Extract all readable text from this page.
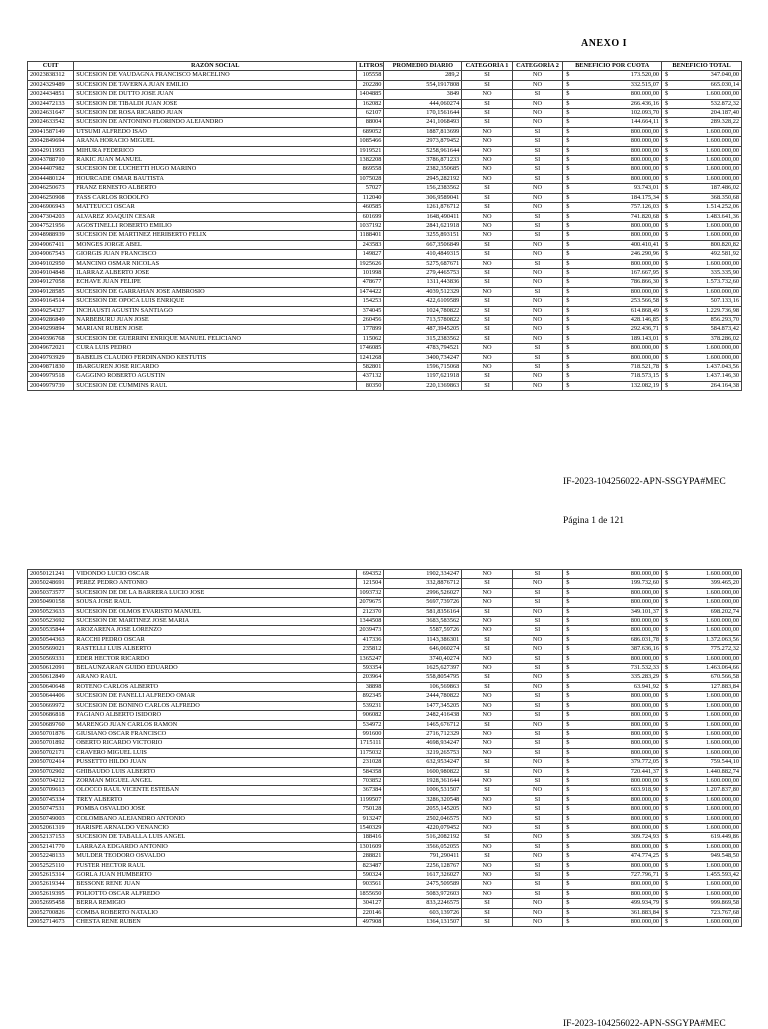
ANEXO I
CUIT	RAZÓN SOCIAL	LITROS	PROMEDIO DIARIO	CATEGORÍA 1	CATEGORÍA 2	BENEFICIO POR CUOTA	BENEFICIO TOTAL
20023838312	SUCESION DE VAUDAGNA FRANCISCO MARCELINO	105558	289,2	SI	NO	$ 173.520,00	$ 347.040,00
20024329489	SUCESION DE TAVERNA JUAN EMILIO	202280	554,1917808	SI	NO	$ 332.515,07	$ 665.030,14
20024434851	SUCESION DE DUTTO JOSE JUAN	1404885	3849	NO	SI	$ 800.000,00	$ 1.600.000,00
20024472133	SUCESION DE TIBALDI JUAN JOSE	162082	444,060274	SI	NO	$ 266.436,16	$ 532.872,32
20024631647	SUCESION DE ROSA RICARDO JUAN	62107	170,1561644	SI	NO	$ 102.093,70	$ 204.187,40
20024633542	SUCESION DE ANTONINO FLORINDO ALEJANDRO	88004	241,1068493	SI	NO	$ 144.664,11	$ 289.328,22
20041587149	UTSUMI ALFREDO ISAO	689052	1887,813699	NO	SI	$ 800.000,00	$ 1.600.000,00
20042849694	ARANA HORACIO MIGUEL	1085466	2973,879452	NO	SI	$ 800.000,00	$ 1.600.000,00
20042911993	MIHURA FEDERICO	1919521	5258,961644	NO	SI	$ 800.000,00	$ 1.600.000,00
20043788710	RAKIC JUAN MANUEL	1382208	3786,871233	NO	SI	$ 800.000,00	$ 1.600.000,00
20044407982	SUCESION DE LUCHETTI HUGO MARINO	869558	2382,350685	NO	SI	$ 800.000,00	$ 1.600.000,00
20044480124	HOURCADE OMAR BAUTISTA	1075028	2945,282192	NO	SI	$ 800.000,00	$ 1.600.000,00
20046250673	FRANZ ERNESTO ALBERTO	57027	156,2383562	SI	NO	$ 93.743,01	$ 187.486,02
20046250908	FASS CARLOS RODOLFO	112040	306,9589041	SI	NO	$ 184.175,34	$ 368.350,68
20046906943	MATTEUCCI OSCAR	460585	1261,876712	SI	NO	$ 757.126,03	$ 1.514.252,06
20047304203	ALVAREZ JOAQUIN CESAR	601699	1648,490411	NO	SI	$ 741.820,68	$ 1.483.641,36
20047521956	AGOSTINELLI ROBERTO EMILIO	1037192	2841,621918	NO	SI	$ 800.000,00	$ 1.600.000,00
20048988939	SUCESION DE MARTINEZ HERIBERTO FELIX	1188401	3255,893151	NO	SI	$ 800.000,00	$ 1.600.000,00
20049067411	MONGES JORGE ABEL	243583	667,3506849	SI	NO	$ 400.410,41	$ 800.820,82
20049067543	GIORGIS JUAN FRANCISCO	149827	410,4849315	SI	NO	$ 246.290,96	$ 492.581,92
20049102950	MANCINO OSMAR NICOLAS	1925626	5275,687671	NO	SI	$ 800.000,00	$ 1.600.000,00
20049104848	ILARRAZ ALBERTO JOSE	101998	279,4465753	SI	NO	$ 167.667,95	$ 335.335,90
20049127058	ECHAVE JUAN FELIPE	478677	1311,443836	SI	NO	$ 786.866,30	$ 1.573.732,60
20049128585	SUCESION DE GARRAHAN JOSE AMBROSIO	1474422	4039,512329	NO	SI	$ 800.000,00	$ 1.600.000,00
20049164514	SUCESION DE OPOCA LUIS ENRIQUE	154253	422,6109589	SI	NO	$ 253.566,58	$ 507.133,16
20049254327	INCHAUSTI AGUSTIN SANTIAGO	374045	1024,780822	SI	NO	$ 614.868,49	$ 1.229.736,98
20049286849	NARBEBURU JUAN JOSE	260456	713,5780822	SI	NO	$ 428.146,85	$ 856.293,70
20049299894	MARIANI RUBEN JOSE	177899	487,3945205	SI	NO	$ 292.436,71	$ 584.873,42
20049396768	SUCESION DE GUERRINI ENRIQUE MANUEL FELICIANO	115062	315,2383562	SI	NO	$ 189.143,01	$ 378.286,02
20049672021	CURA LUIS PEDRO	1746085	4783,794521	NO	SI	$ 800.000,00	$ 1.600.000,00
20049793929	BABELIS CLAUDIO FERDINANDO KESTUTIS	1241268	3400,734247	NO	SI	$ 800.000,00	$ 1.600.000,00
20049871830	IBARGUREN JOSE RICARDO	582801	1596,715068	NO	SI	$ 718.521,78	$ 1.437.043,56
20049979518	GAGGINO ROBERTO AGUSTIN	437132	1197,621918	SI	NO	$ 718.573,15	$ 1.437.146,30
20049979739	SUCESION DE CUMMINS RAUL	80350	220,1369863	SI	NO	$ 132.082,19	$ 264.164,38
IF-2023-104256022-APN-SSGYPA#MEC
Página 1 de 121
20050121241	VIDONDO LUCIO OSCAR	694352	1902,334247	NO	SI	$ 800.000,00	$ 1.600.000,00
20050248691	PEREZ PEDRO ANTONIO	121504	332,8876712	SI	NO	$ 199.732,60	$ 399.465,20
20050373577	SUCESION DE DE LA BARRERA LUCIO JOSE	1093732	2996,526027	NO	SI	$ 800.000,00	$ 1.600.000,00
20050490158	SOUSA JOSE RAUL	2079675	5697,739726	NO	SI	$ 800.000,00	$ 1.600.000,00
20050523633	SUCESION DE OLMOS EVARISTO MANUEL	212370	581,8356164	SI	NO	$ 349.101,37	$ 698.202,74
20050523692	SUCESION DE MARTINEZ JOSE MARIA	1344508	3683,583562	NO	SI	$ 800.000,00	$ 1.600.000,00
20050535844	AROZARENA JOSE LORENZO	2039473	5587,59726	NO	SI	$ 800.000,00	$ 1.600.000,00
20050544363	RACCHI PEDRO OSCAR	417336	1143,386301	SI	NO	$ 686.031,78	$ 1.372.063,56
20050569021	RASTELLI LUIS ALBERTO	235812	646,060274	SI	NO	$ 387.636,16	$ 775.272,32
20050569331	EDER HECTOR RICARDO	1365247	3740,40274	NO	SI	$ 800.000,00	$ 1.600.000,00
20050612091	BELAUNZARAN GUIDO EDUARDO	593354	1625,627397	NO	SI	$ 731.532,33	$ 1.463.064,66
20050612849	ARANO RAUL	203964	558,8054795	SI	NO	$ 335.283,29	$ 670.566,58
20050640648	ROTENO CARLOS ALBERTO	38898	106,569863	SI	NO	$ 63.941,92	$ 127.883,84
20050644406	SUCESION DE FANELLI ALFREDO OMAR	892345	2444,780822	NO	SI	$ 800.000,00	$ 1.600.000,00
20050669972	SUCESION DE BONINO CARLOS ALFREDO	539231	1477,345205	NO	SI	$ 800.000,00	$ 1.600.000,00
20050686818	FAGIANO ALBERTO ISIDORO	906082	2482,416438	NO	SI	$ 800.000,00	$ 1.600.000,00
20050689760	MARENGO JUAN CARLOS RAMON	534972	1465,676712	SI	NO	$ 800.000,00	$ 1.600.000,00
20050701876	GIUSIANO OSCAR FRANCISCO	991600	2716,712329	NO	SI	$ 800.000,00	$ 1.600.000,00
20050701892	OBERTO RICARDO VICTORIO	1715111	4698,934247	NO	SI	$ 800.000,00	$ 1.600.000,00
20050702171	CRAVERO MIGUEL LUIS	1175032	3219,265753	NO	SI	$ 800.000,00	$ 1.600.000,00
20050702414	PUSSETTO HILDO JUAN	231028	632,9534247	SI	NO	$ 379.772,05	$ 759.544,10
20050702902	GHIBAUDO LUIS ALBERTO	584358	1600,980822	SI	NO	$ 720.441,37	$ 1.440.882,74
20050704212	ZORMAN MIGUEL ANGEL	703852	1928,361644	NO	SI	$ 800.000,00	$ 1.600.000,00
20050709613	OLOCCO RAUL VICENTE ESTEBAN	367384	1006,531507	SI	NO	$ 603.918,90	$ 1.207.837,80
20050745334	TREY ALBERTO	1199507	3286,320548	NO	SI	$ 800.000,00	$ 1.600.000,00
20050747531	POMBA OSVALDO JOSE	750128	2055,145205	NO	SI	$ 800.000,00	$ 1.600.000,00
20050749003	COLOMBANO ALEJANDRO ANTONIO	913247	2502,046575	NO	SI	$ 800.000,00	$ 1.600.000,00
20052061319	HARISPE ARNALDO VENANCIO	1540329	4220,079452	NO	SI	$ 800.000,00	$ 1.600.000,00
20052137153	SUCESION DE TABALLA LUIS ANGEL	188416	516,2082192	SI	NO	$ 309.724,93	$ 619.449,86
20052141770	LARRAZA EDGARDO ANTONIO	1301609	3566,052055	NO	SI	$ 800.000,00	$ 1.600.000,00
20052248133	MULDER TEODORO OSVALDO	288821	791,290411	SI	NO	$ 474.774,25	$ 949.548,50
20052525110	FUSTER HECTOR RAUL	823487	2256,128767	NO	SI	$ 800.000,00	$ 1.600.000,00
20052615314	GORLA JUAN HUMBERTO	590324	1617,326027	NO	SI	$ 727.796,71	$ 1.455.593,42
20052619344	BESSONE RENE JUAN	903561	2475,509589	NO	SI	$ 800.000,00	$ 1.600.000,00
20052619395	POLIOTTO OSCAR ALFREDO	1855650	5083,972603	NO	SI	$ 800.000,00	$ 1.600.000,00
20052695458	BERRA REMIGIO	304127	833,2246575	SI	NO	$ 499.934,79	$ 999.869,58
20052700826	COMBA ROBERTO NATALIO	220146	603,139726	SI	NO	$ 361.883,84	$ 723.767,68
20052714673	CHESTA RENE RUBEN	497908	1364,131507	SI	NO	$ 800.000,00	$ 1.600.000,00
IF-2023-104256022-APN-SSGYPA#MEC
